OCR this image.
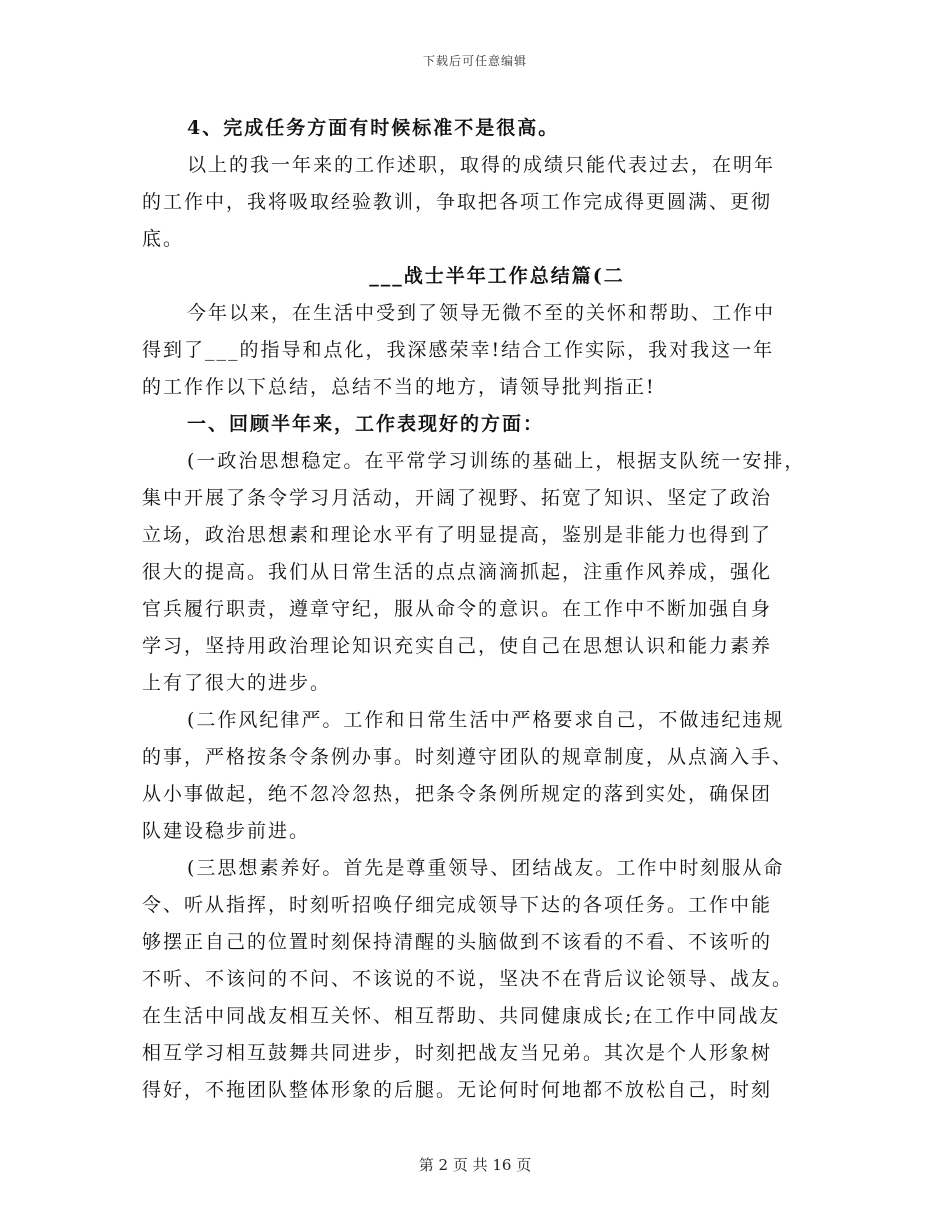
下载后可任意编辑
4、完成任务方面有时候标准不是很高。
以上的我一年来的工作述职，取得的成绩只能代表过去，在明年
的工作中，我将吸取经验教训，争取把各项工作完成得更圆满、更彻
底。
___战士半年工作总结篇(二
今年以来，在生活中受到了领导无微不至的关怀和帮助、工作中
得到了___的指导和点化，我深感荣幸!结合工作实际，我对我这一年
的工作作以下总结，总结不当的地方，请领导批判指正!
一、回顾半年来，工作表现好的方面：
(一政治思想稳定。在平常学习训练的基础上，根据支队统一安排，
集中开展了条令学习月活动，开阔了视野、拓宽了知识、坚定了政治
立场，政治思想素和理论水平有了明显提高，鉴别是非能力也得到了
很大的提高。我们从日常生活的点点滴滴抓起，注重作风养成，强化
官兵履行职责，遵章守纪，服从命令的意识。在工作中不断加强自身
学习，坚持用政治理论知识充实自己，使自己在思想认识和能力素养
上有了很大的进步。
(二作风纪律严。工作和日常生活中严格要求自己，不做违纪违规
的事，严格按条令条例办事。时刻遵守团队的规章制度，从点滴入手、
从小事做起，绝不忽冷忽热，把条令条例所规定的落到实处，确保团
队建设稳步前进。
(三思想素养好。首先是尊重领导、团结战友。工作中时刻服从命
令、听从指挥，时刻听招唤仔细完成领导下达的各项任务。工作中能
够摆正自己的位置时刻保持清醒的头脑做到不该看的不看、不该听的
不听、不该问的不问、不该说的不说，坚决不在背后议论领导、战友。
在生活中同战友相互关怀、相互帮助、共同健康成长;在工作中同战友
相互学习相互鼓舞共同进步，时刻把战友当兄弟。其次是个人形象树
得好，不拖团队整体形象的后腿。无论何时何地都不放松自己，时刻
第 2 页 共 16 页
